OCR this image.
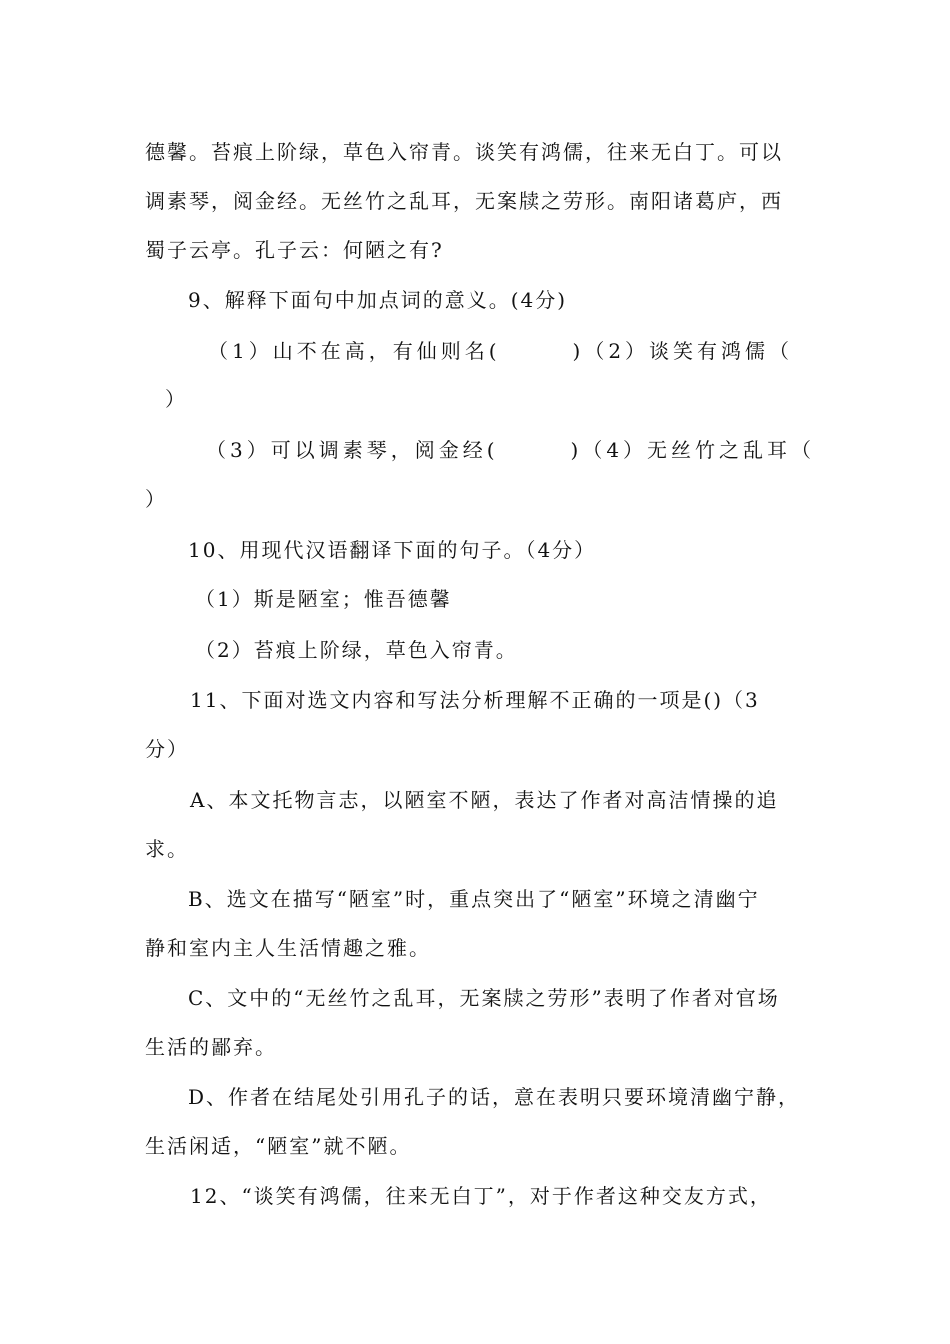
德馨。苔痕上阶绿，草色入帘青。谈笑有鸿儒，往来无白丁。可以
调素琴，阅金经。无丝竹之乱耳，无案牍之劳形。南阳诸葛庐，西
蜀子云亭。孔子云：何陋之有?
9、解释下面句中加点词的意义。(4分)
（1）山不在高，有仙则名(　　　)（2）谈笑有鸿儒（
）
（3）可以调素琴，阅金经(　　　)（4）无丝竹之乱耳（
）
10、用现代汉语翻译下面的句子。（4分）
（1）斯是陋室；惟吾德馨
（2）苔痕上阶绿，草色入帘青。
11、下面对选文内容和写法分析理解不正确的一项是()（3
分）
A、本文托物言志，以陋室不陋，表达了作者对高洁情操的追
求。
B、选文在描写“陋室”时，重点突出了“陋室”环境之清幽宁
静和室内主人生活情趣之雅。
C、文中的“无丝竹之乱耳，无案牍之劳形”表明了作者对官场
生活的鄙弃。
D、作者在结尾处引用孔子的话，意在表明只要环境清幽宁静，
生活闲适，“陋室”就不陋。
12、“谈笑有鸿儒，往来无白丁”，对于作者这种交友方式，
